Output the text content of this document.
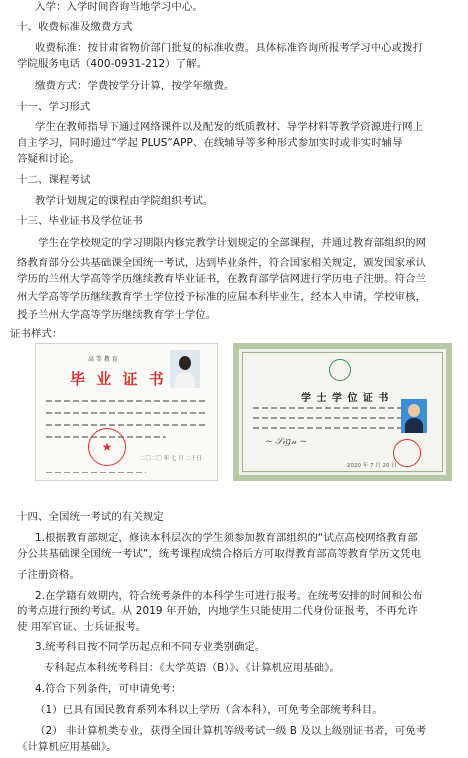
入学：入学时间咨询当地学习中心。
十、收费标准及缴费方式
收费标准：按甘肃省物价部门批复的标准收费。具体标准咨询所报考学习中心或拨打
学院服务电话（400-0931-212）了解。
缴费方式：学费按学分计算，按学年缴费。
十一、学习形式
学生在教师指导下通过网络课件以及配发的纸质教材、导学材料等教学资源进行网上
自主学习，同时通过“学起 PLUS”APP、在线辅导等多种形式参加实时或非实时辅导
答疑和讨论。
十二、课程考试
教学计划规定的课程由学院组织考试。
十三、毕业证书及学位证书
学生在学校规定的学习期限内修完教学计划规定的全部课程，并通过教育部组织的网
络教育部分公共基础课全国统一考试，达到毕业条件，符合国家相关规定，颁发国家承认
学历的兰州大学高等学历继续教育毕业证书，在教育部学信网进行学历电子注册。符合兰
州大学高等学历继续教育学士学位授予标准的应届本科毕业生，经本人申请，学校审核，
授予兰州大学高等学历继续教育学士学位。
证书样式：
十四、全国统一考试的有关规定
1.根据教育部规定，修读本科层次的学生须参加教育部组织的“试点高校网络教育部
分公共基础课全国统一考试”，统考课程成绩合格后方可取得教育部高等教育学历文凭电
子注册资格。
2.在学籍有效期内，符合统考条件的本科学生可进行报考。在统考安排的时间和公布
的考点进行预约考试。从 2019 年开始，内地学生只能使用二代身份证报考，不再允许
使 用军官证、士兵证报考。
3.统考科目按不同学历起点和不同专业类别确定。
专科起点本科统考科目：《大学英语（B）》、《计算机应用基础》。
4.符合下列条件，可申请免考：
（1）已具有国民教育系列本科以上学历（含本科），可免考全部统考科目。
（2） 非计算机类专业，获得全国计算机等级考试一级 B 及以上级别证书者，可免考
《计算机应用基础》。
高 等 教 育
毕 业 证 书
★
二〇二〇 年 七 月 二十日
学 士 学 位 证 书
~ 𝒮𝒾𝑔𝓃 ~
2020 年 7 月 20 日
